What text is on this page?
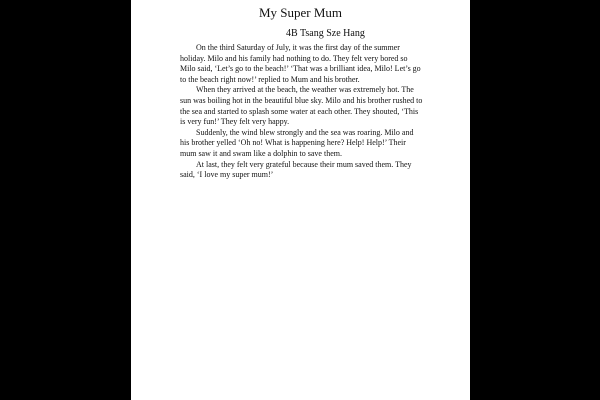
My Super Mum

4B Tsang Sze Hang

On the third Saturday of July, it was the first day of the summer
holiday. Milo and his family had nothing to do. They felt very bored so
Milo said, ‘Let’s go to the beach!’ ‘That was a brilliant idea, Milo! Let’s go
to the beach right now!’ replied to Mum and his brother.
When they arrived at the beach, the weather was extremely hot. The
sun was boiling hot in the beautiful blue sky. Milo and his brother rushed to
the sea and started to splash some water at each other. They shouted, ‘This
is very fun!’ They felt very happy.
Suddenly, the wind blew strongly and the sea was roaring. Milo and
his brother yelled ‘Oh no! What is happening here? Help! Help!’ Their
mum saw it and swam like a dolphin to save them.
At last, they felt very grateful because their mum saved them. They
said, ‘I love my super mum!’
